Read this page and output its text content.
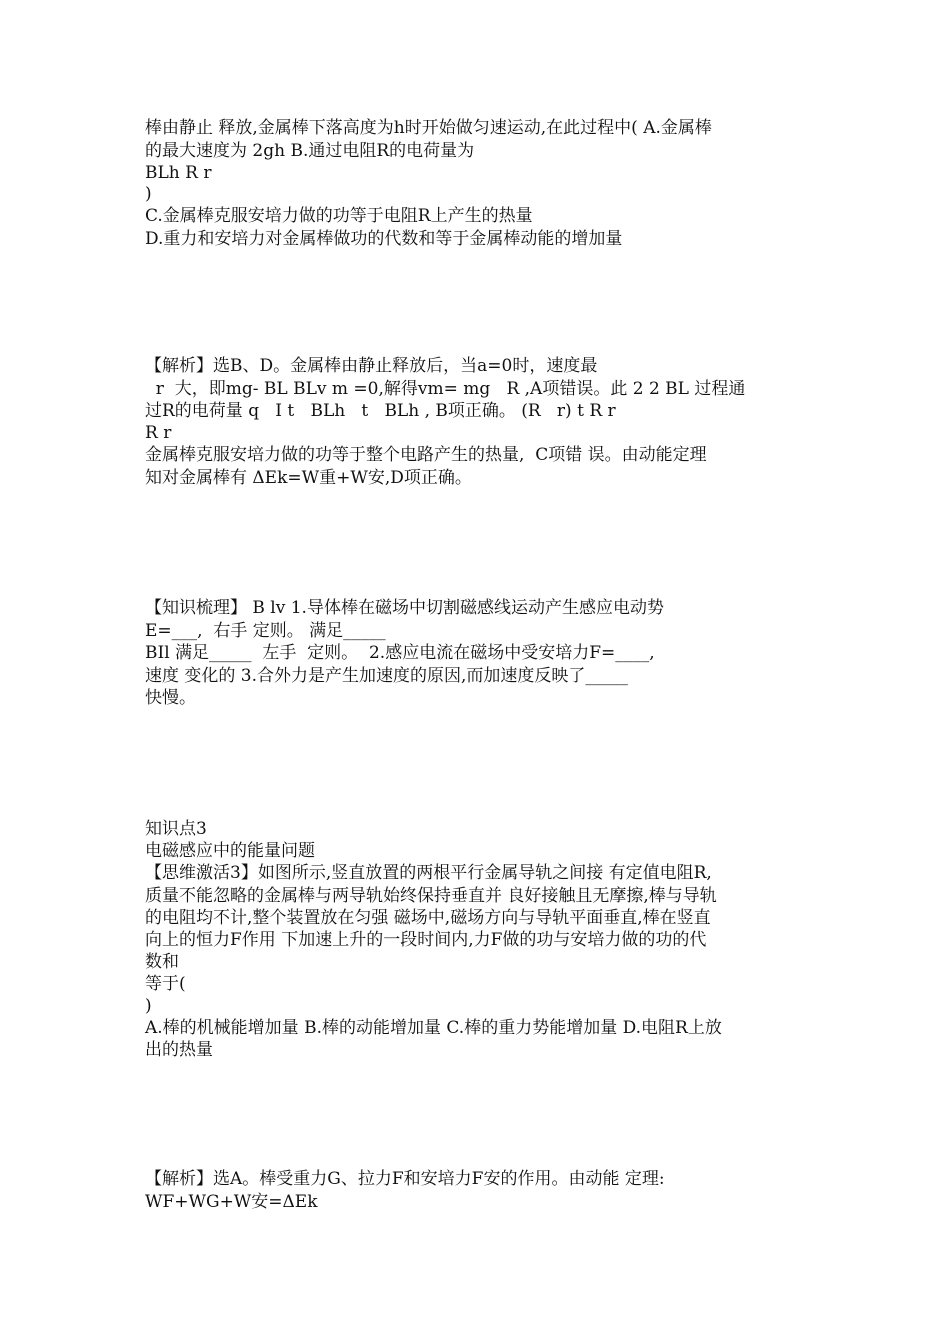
棒由静止 释放,金属棒下落高度为h时开始做匀速运动,在此过程中( A.金属棒
的最大速度为 2gh B.通过电阻R的电荷量为
BLh R r
)
C.金属棒克服安培力做的功等于电阻R上产生的热量
D.重力和安培力对金属棒做功的代数和等于金属棒动能的增加量
【解析】选B、D。金属棒由静止释放后，当a=0时，速度最
r  大，即mg- BL BLv m =0,解得vm= mg   R ,A项错误。此 2 2 BL 过程通
过R的电荷量 q   I t   BLh   t   BLh , B项正确。 (R   r) t R r
R r
金属棒克服安培力做的功等于整个电路产生的热量,  C项错 误。由动能定理
知对金属棒有 ΔEk=W重+W安,D项正确。
【知识梳理】 B lv 1.导体棒在磁场中切割磁感线运动产生感应电动势
E=___,  右手 定则。 满足_____
BIl 满足_____  左手  定则。  2.感应电流在磁场中受安培力F=____,
速度 变化的 3.合外力是产生加速度的原因,而加速度反映了_____
快慢。
知识点3
电磁感应中的能量问题
【思维激活3】如图所示,竖直放置的两根平行金属导轨之间接 有定值电阻R,
质量不能忽略的金属棒与两导轨始终保持垂直并 良好接触且无摩擦,棒与导轨
的电阻均不计,整个装置放在匀强 磁场中,磁场方向与导轨平面垂直,棒在竖直
向上的恒力F作用 下加速上升的一段时间内,力F做的功与安培力做的功的代
数和
等于(
)
A.棒的机械能增加量 B.棒的动能增加量 C.棒的重力势能增加量 D.电阻R上放
出的热量
【解析】选A。棒受重力G、拉力F和安培力F安的作用。由动能 定理:
WF+WG+W安=ΔEk
